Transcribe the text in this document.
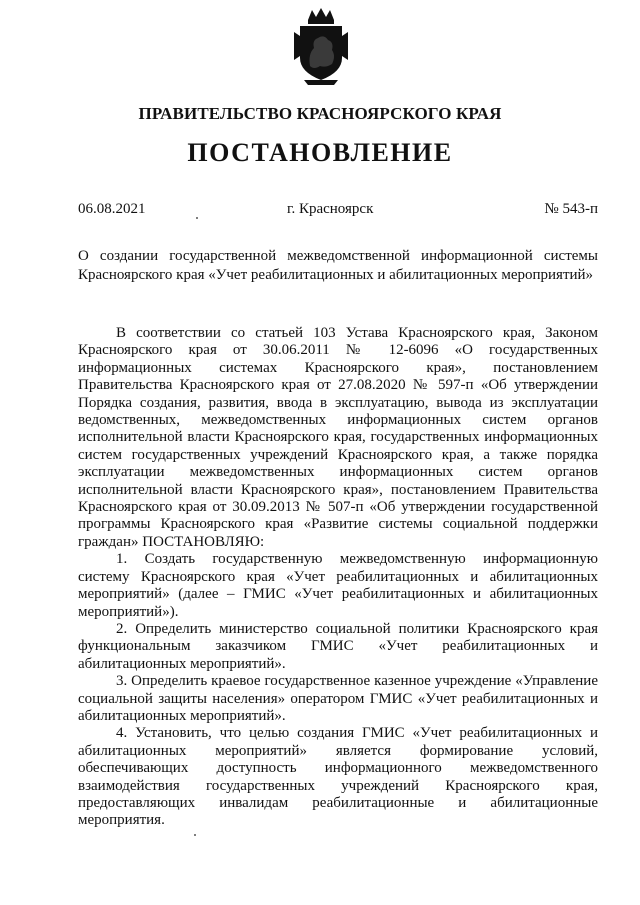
ПРАВИТЕЛЬСТВО КРАСНОЯРСКОГО КРАЯ
ПОСТАНОВЛЕНИЕ
06.08.2021	г. Красноярск	№ 543-п
О создании государственной межведомственной информационной системы Красноярского края «Учет реабилитационных и абилитационных мероприятий»

В соответствии со статьей 103 Устава Красноярского края, Законом Красноярского края от 30.06.2011 № 12-6096 «О государственных информационных системах Красноярского края», постановлением Правительства Красноярского края от 27.08.2020 № 597-п «Об утверждении Порядка создания, развития, ввода в эксплуатацию, вывода из эксплуатации ведомственных, межведомственных информационных систем органов исполнительной власти Красноярского края, государственных информационных систем государственных учреждений Красноярского края, а также порядка эксплуатации межведомственных информационных систем органов исполнительной власти Красноярского края», постановлением Правительства Красноярского края от 30.09.2013 № 507-п «Об утверждении государственной программы Красноярского края «Развитие системы социальной поддержки граждан» ПОСТАНОВЛЯЮ:

1. Создать государственную межведомственную информационную систему Красноярского края «Учет реабилитационных и абилитационных мероприятий» (далее – ГМИС «Учет реабилитационных и абилитационных мероприятий»).

2. Определить министерство социальной политики Красноярского края функциональным заказчиком ГМИС «Учет реабилитационных и абилитационных мероприятий».

3. Определить краевое государственное казенное учреждение «Управление социальной защиты населения» оператором ГМИС «Учет реабилитационных и абилитационных мероприятий».

4. Установить, что целью создания ГМИС «Учет реабилитационных и абилитационных мероприятий» является формирование условий, обеспечивающих доступность информационного межведомственного взаимодействия государственных учреждений Красноярского края, предоставляющих инвалидам реабилитационные и абилитационные мероприятия.
